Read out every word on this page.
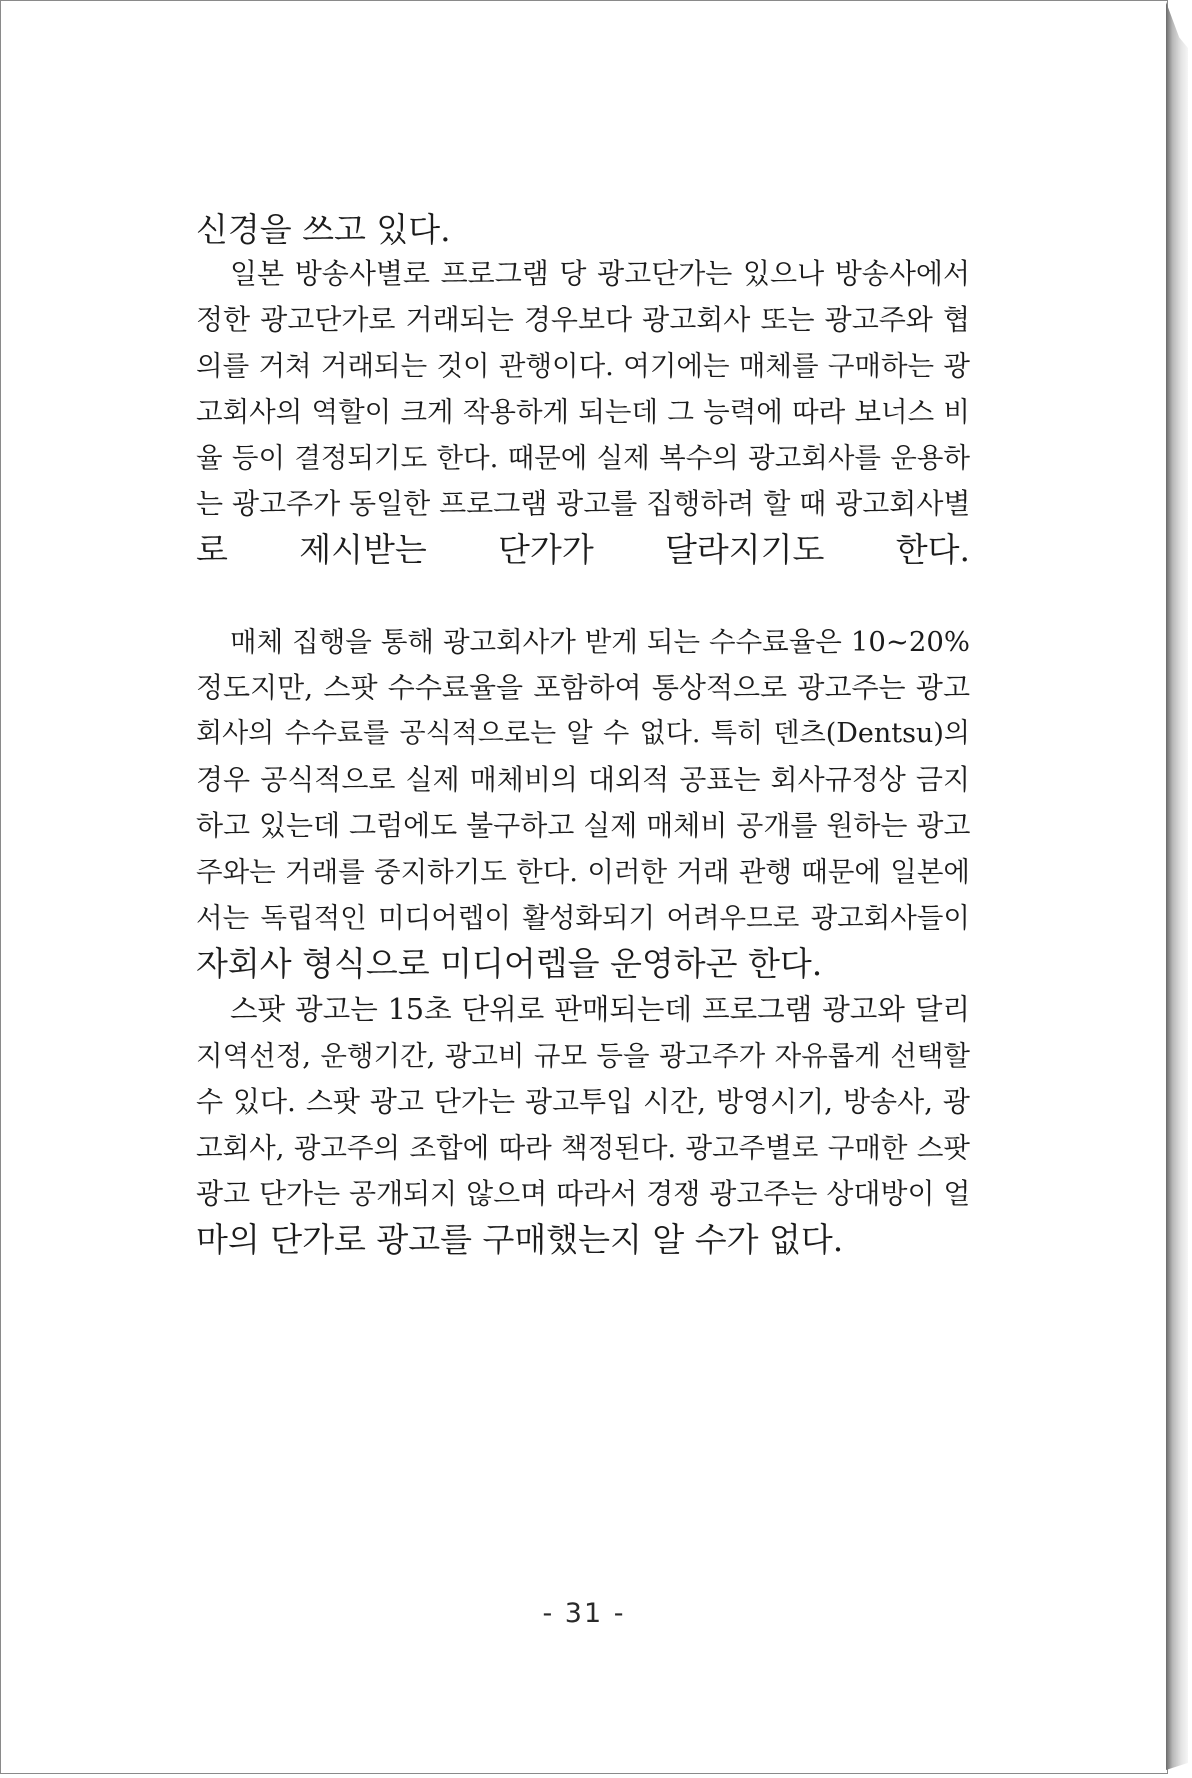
신경을 쓰고 있다.

일본 방송사별로 프로그램 당 광고단가는 있으나 방송사에서

정한 광고단가로 거래되는 경우보다 광고회사 또는 광고주와 협

의를 거쳐 거래되는 것이 관행이다. 여기에는 매체를 구매하는 광

고회사의 역할이 크게 작용하게 되는데 그 능력에 따라 보너스 비

율 등이 결정되기도 한다. 때문에 실제 복수의 광고회사를 운용하

는 광고주가 동일한 프로그램 광고를 집행하려 할 때 광고회사별

로 제시받는 단가가 달라지기도 한다.

매체 집행을 통해 광고회사가 받게 되는 수수료율은 10~20%

정도지만, 스팟 수수료율을 포함하여 통상적으로 광고주는 광고

회사의 수수료를 공식적으로는 알 수 없다. 특히 덴츠(Dentsu)의

경우 공식적으로 실제 매체비의 대외적 공표는 회사규정상 금지

하고 있는데 그럼에도 불구하고 실제 매체비 공개를 원하는 광고

주와는 거래를 중지하기도 한다. 이러한 거래 관행 때문에 일본에

서는 독립적인 미디어렙이 활성화되기 어려우므로 광고회사들이

자회사 형식으로 미디어렙을 운영하곤 한다.

스팟 광고는 15초 단위로 판매되는데 프로그램 광고와 달리

지역선정, 운행기간, 광고비 규모 등을 광고주가 자유롭게 선택할

수 있다. 스팟 광고 단가는 광고투입 시간, 방영시기, 방송사, 광

고회사, 광고주의 조합에 따라 책정된다. 광고주별로 구매한 스팟

광고 단가는 공개되지 않으며 따라서 경쟁 광고주는 상대방이 얼

마의 단가로 광고를 구매했는지 알 수가 없다.

- 31 -
